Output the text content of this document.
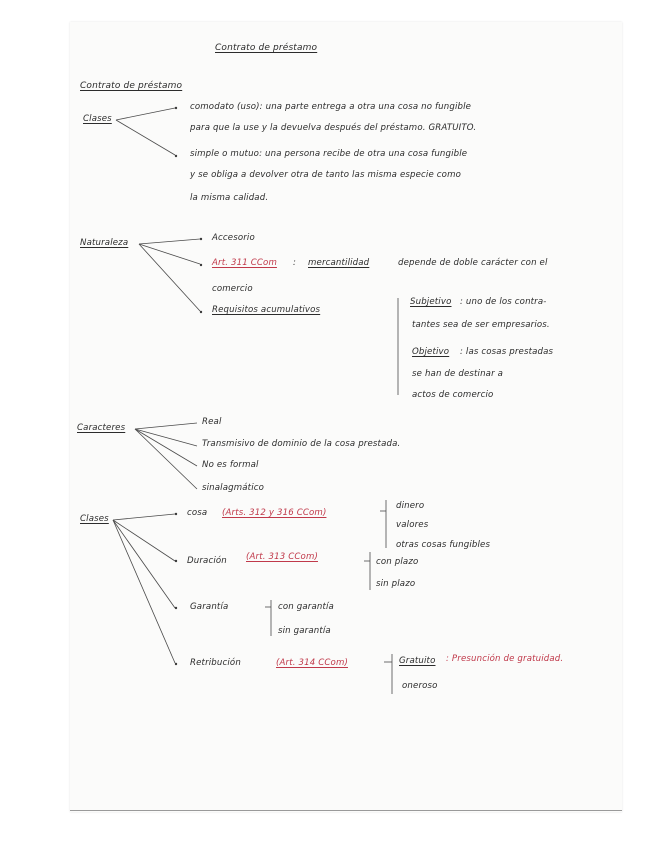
Contrato de préstamo
Contrato de préstamo
Clases
comodato (uso): una parte entrega a otra una cosa no fungible
para que la use y la devuelva después del préstamo. GRATUITO.
simple o mutuo: una persona recibe de otra una cosa fungible
y se obliga a devolver otra de tanto las misma especie como
la misma calidad.
Naturaleza	Accesorio
Art. 311 CCom : mercantilidad	depende de doble carácter con el
comercio
Requisitos acumulativos
Subjetivo : uno de los contra-
tantes sea de ser empresarios.
Objetivo : las cosas prestadas
se han de destinar a
actos de comercio
Caracteres
Real
Transmisivo de dominio de la cosa prestada.
No es formal
sinalagmático
Clases
cosa (Arts. 312 y 316 CCom)
dinero
valores
otras cosas fungibles
Duración (Art. 313 CCom)	con plazo
sin plazo
Garantía	con garantía
sin garantía
Retribución	(Art. 314 CCom)	Gratuito : Presunción de gratuidad.
oneroso
